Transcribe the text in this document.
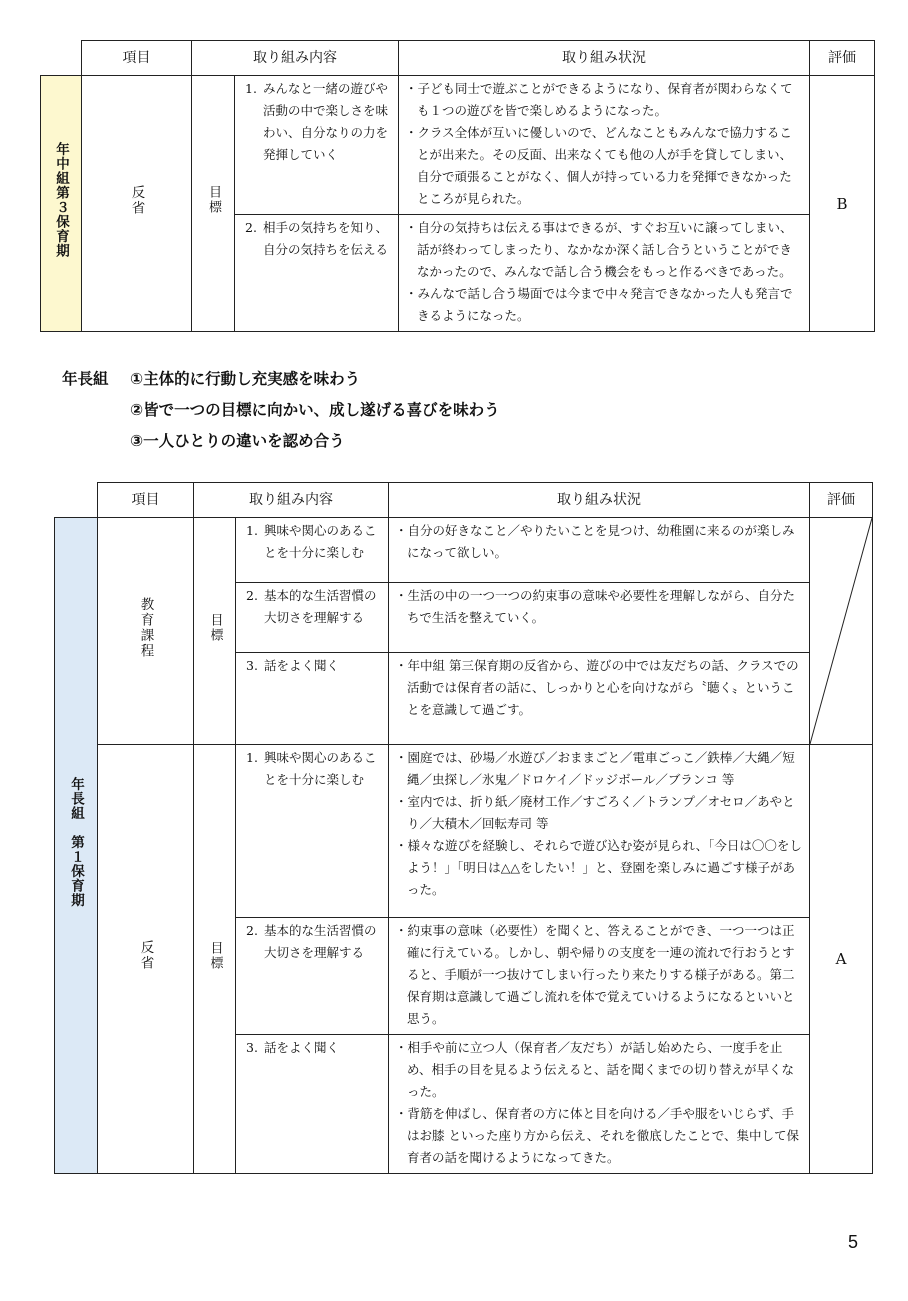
	項目	取り組み内容		取り組み状況	評価
年中組第３保育期	反省	目標	1. みんなと一緒の遊びや活動の中で楽しさを味わい、自分なりの力を発揮していく	・子ども同士で遊ぶことができるようになり、保育者が関わらなくても１つの遊びを皆で楽しめるようになった。
・クラス全体が互いに優しいので、どんなこともみんなで協力することが出来た。その反面、出来なくても他の人が手を貸してしまい、自分で頑張ることがなく、個人が持っている力を発揮できなかったところが見られた。	B
			2. 相手の気持ちを知り、自分の気持ちを伝える	・自分の気持ちは伝える事はできるが、すぐお互いに譲ってしまい、話が終わってしまったり、なかなか深く話し合うということができなかったので、みんなで話し合う機会をもっと作るべきであった。
・みんなで話し合う場面では今まで中々発言できなかった人も発言できるようになった。	
年長組 ①主体的に行動し充実感を味わう
②皆で一つの目標に向かい、成し遂げる喜びを味わう
③一人ひとりの違いを認め合う
	項目	取り組み内容		取り組み状況	評価
年長組　第１保育期	教育課程	目標	1. 興味や関心のあることを十分に楽しむ	・自分の好きなこと／やりたいことを見つけ、幼稚園に来るのが楽しみになって欲しい。

			2. 基本的な生活習慣の大切さを理解する	・生活の中の一つ一つの約束事の意味や必要性を理解しながら、自分たちで生活を整えていく。	

			3. 話をよく聞く	・年中組 第三保育期の反省から、遊びの中では友だちの話、クラスでの活動では保育者の話に、しっかりと心を向けながら〝聴く〟ということを意識して過ごす。	

	反省	目標	1. 興味や関心のあることを十分に楽しむ	・園庭では、砂場／水遊び／おままごと／電車ごっこ／鉄棒／大縄／短縄／虫探し／氷鬼／ドロケイ／ドッジボール／ブランコ 等
・室内では、折り紙／廃材工作／すごろく／トランプ／オセロ／あやとり／大積木／回転寿司 等
・様々な遊びを経験し、それらで遊び込む姿が見られ、「今日は〇〇をしよう！」「明日は△△をしたい！」と、登園を楽しみに過ごす様子があった。	A
			2. 基本的な生活習慣の大切さを理解する	・約束事の意味（必要性）を聞くと、答えることができ、一つ一つは正確に行えている。しかし、朝や帰りの支度を一連の流れで行おうとすると、手順が一つ抜けてしまい行ったり来たりする様子がある。第二保育期は意識して過ごし流れを体で覚えていけるようになるといいと思う。	

			3. 話をよく聞く	・相手や前に立つ人（保育者／友だち）が話し始めたら、一度手を止め、相手の目を見るよう伝えると、話を聞くまでの切り替えが早くなった。
・背筋を伸ばし、保育者の方に体と目を向ける／手や服をいじらず、手はお膝 といった座り方から伝え、それを徹底したことで、集中して保育者の話を聞けるようになってきた。	
5
